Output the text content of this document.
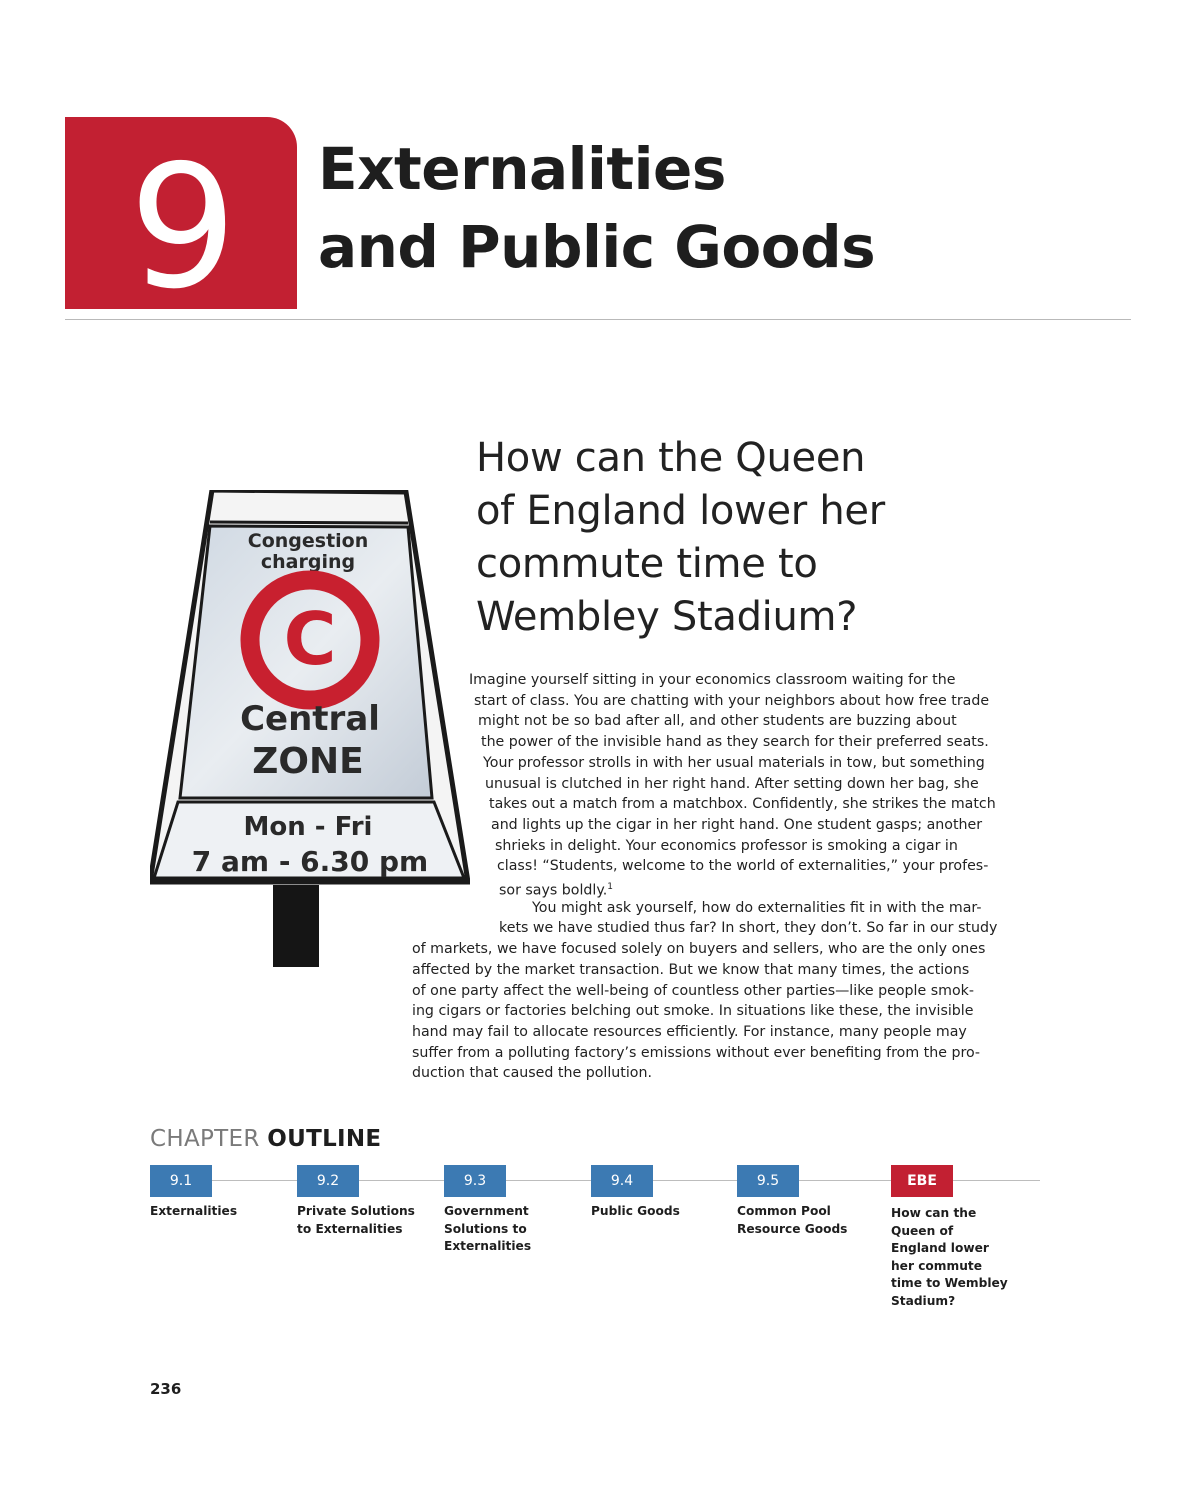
9	Externalities
and Public Goods
Congestion
charging
C
Central
ZONE
Mon - Fri
7 am - 6.30 pm
How can the Queen
of England lower her
commute time to
Wembley Stadium?
Imagine yourself sitting in your economics classroom waiting for the
start of class. You are chatting with your neighbors about how free trade
might not be so bad after all, and other students are buzzing about
the power of the invisible hand as they search for their preferred seats.
Your professor strolls in with her usual materials in tow, but something
unusual is clutched in her right hand. After setting down her bag, she
takes out a match from a matchbox. Confidently, she strikes the match
and lights up the cigar in her right hand. One student gasps; another
shrieks in delight. Your economics professor is smoking a cigar in
class! “Students, welcome to the world of externalities,” your profes-
sor says boldly.$^1$
You might ask yourself, how do externalities fit in with the mar-
kets we have studied thus far? In short, they don’t. So far in our study
of markets, we have focused solely on buyers and sellers, who are the only ones
affected by the market transaction. But we know that many times, the actions
of one party affect the well-being of countless other parties—like people smok-
ing cigars or factories belching out smoke. In situations like these, the invisible
hand may fail to allocate resources efficiently. For instance, many people may
suffer from a polluting factory’s emissions without ever benefiting from the pro-
duction that caused the pollution.
CHAPTER OUTLINE
9.1
Externalities
9.2
Private Solutions
to Externalities
9.3
Government
Solutions to
Externalities
9.4
Public Goods
9.5
Common Pool
Resource Goods
EBE
How can the
Queen of
England lower
her commute
time to Wembley
Stadium?
236
